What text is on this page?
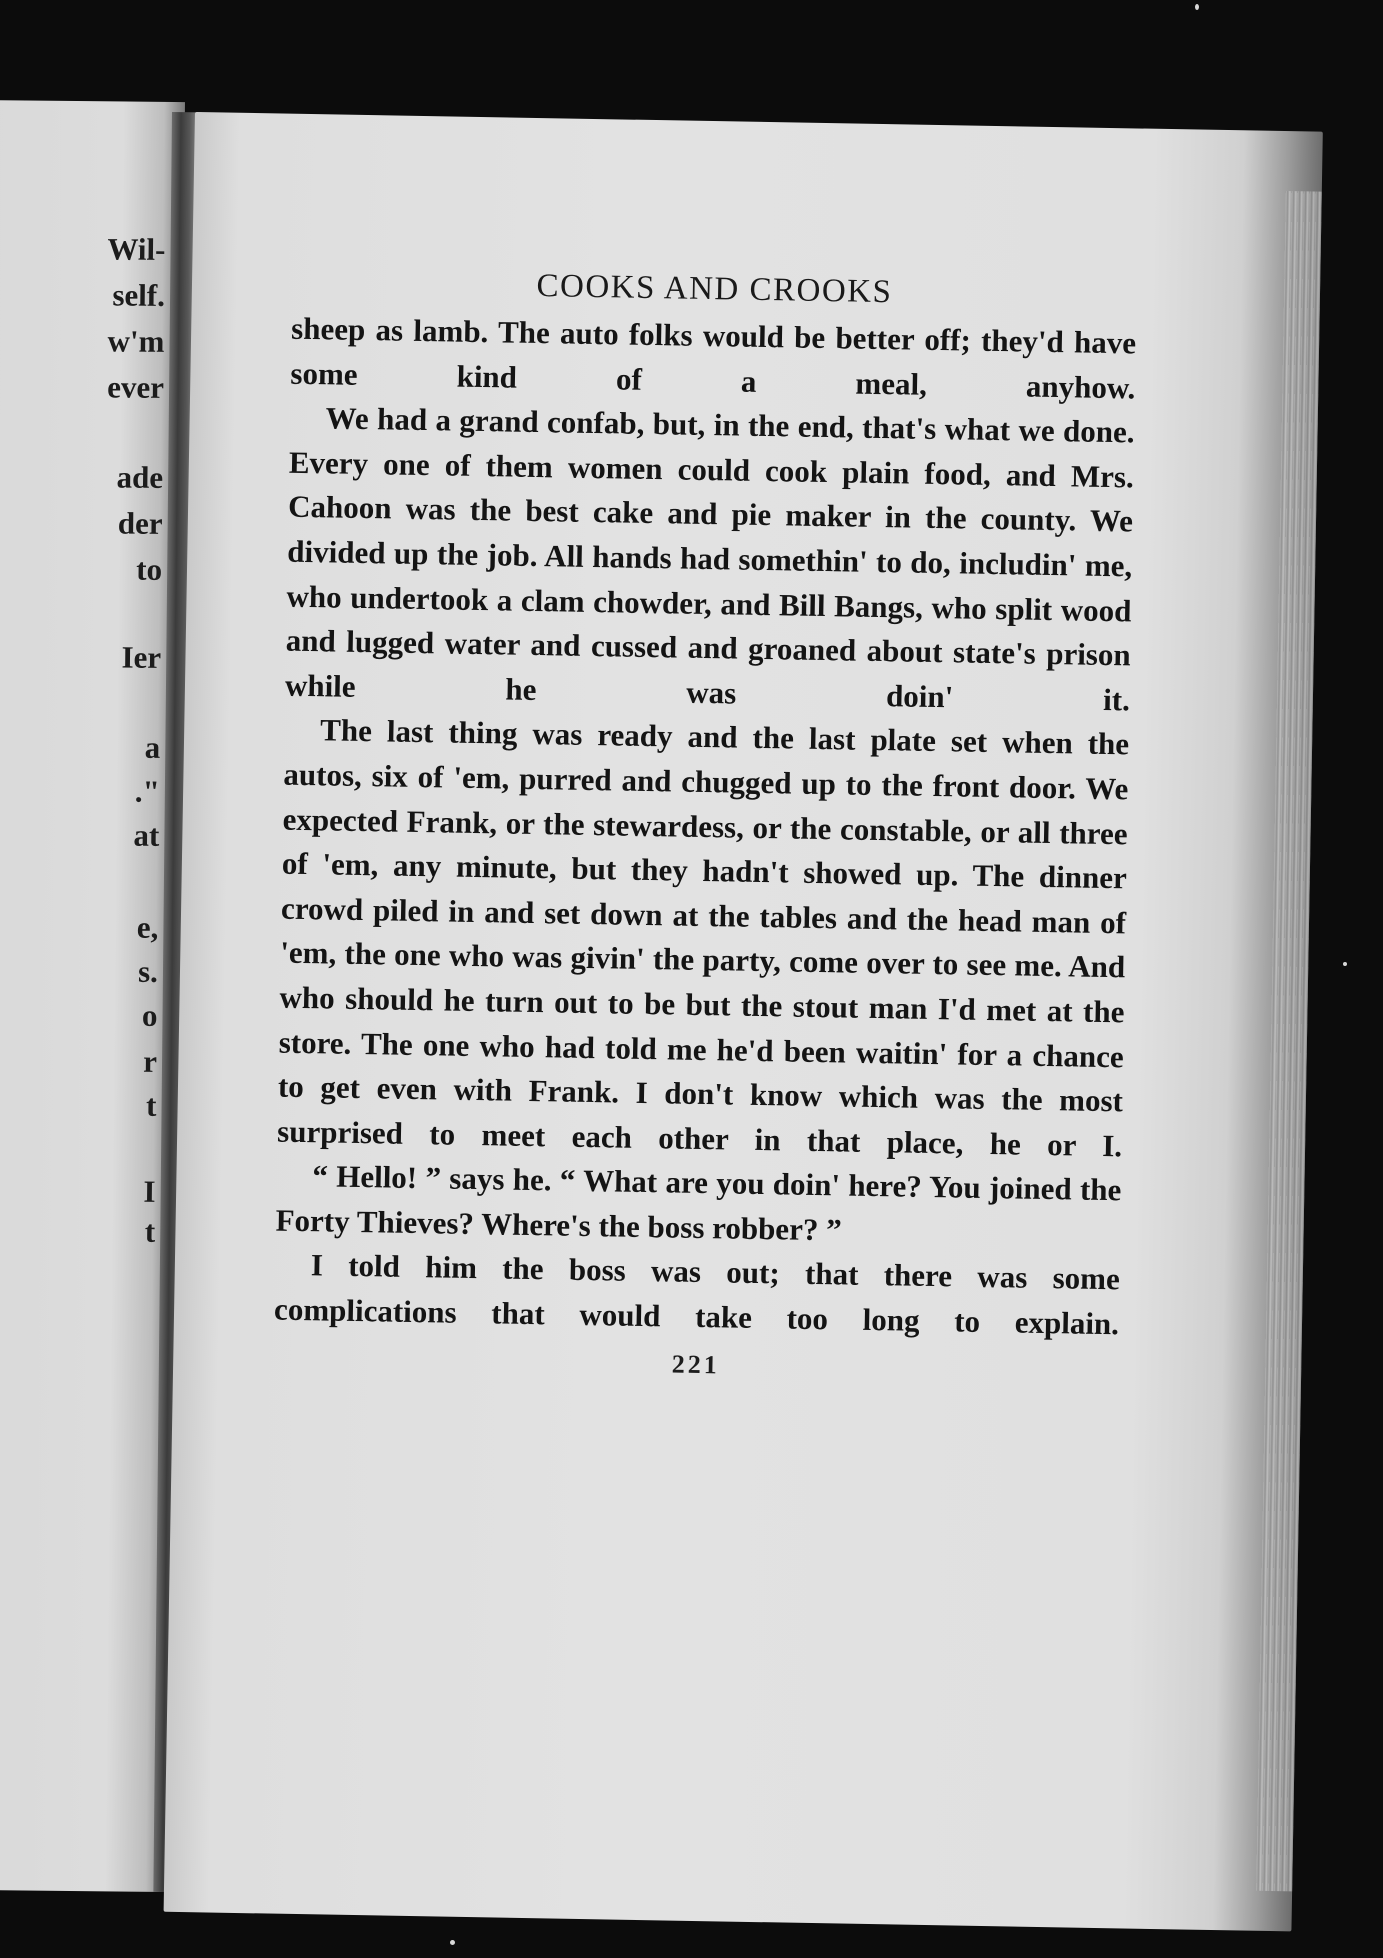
Wil-
self.
w'm
ever
ade
der
to
Ier
a
."
at
e,
s.
o
r
t
I
t
COOKS AND CROOKS

sheep as lamb. The auto folks would be better off; they'd have some kind of a meal, anyhow.

We had a grand confab, but, in the end, that's what we done. Every one of them women could cook plain food, and Mrs. Cahoon was the best cake and pie maker in the county. We divided up the job. All hands had somethin' to do, includin' me, who undertook a clam chowder, and Bill Bangs, who split wood and lugged water and cussed and groaned about state's prison while he was doin' it.

The last thing was ready and the last plate set when the autos, six of 'em, purred and chugged up to the front door. We expected Frank, or the stewardess, or the constable, or all three of 'em, any minute, but they hadn't showed up. The dinner crowd piled in and set down at the tables and the head man of 'em, the one who was givin' the party, come over to see me. And who should he turn out to be but the stout man I'd met at the store. The one who had told me he'd been waitin' for a chance to get even with Frank. I don't know which was the most surprised to meet each other in that place, he or I.

“ Hello! ” says he. “ What are you doin' here? You joined the Forty Thieves? Where's the boss robber? ”

I told him the boss was out; that there was some complications that would take too long to explain.

221
